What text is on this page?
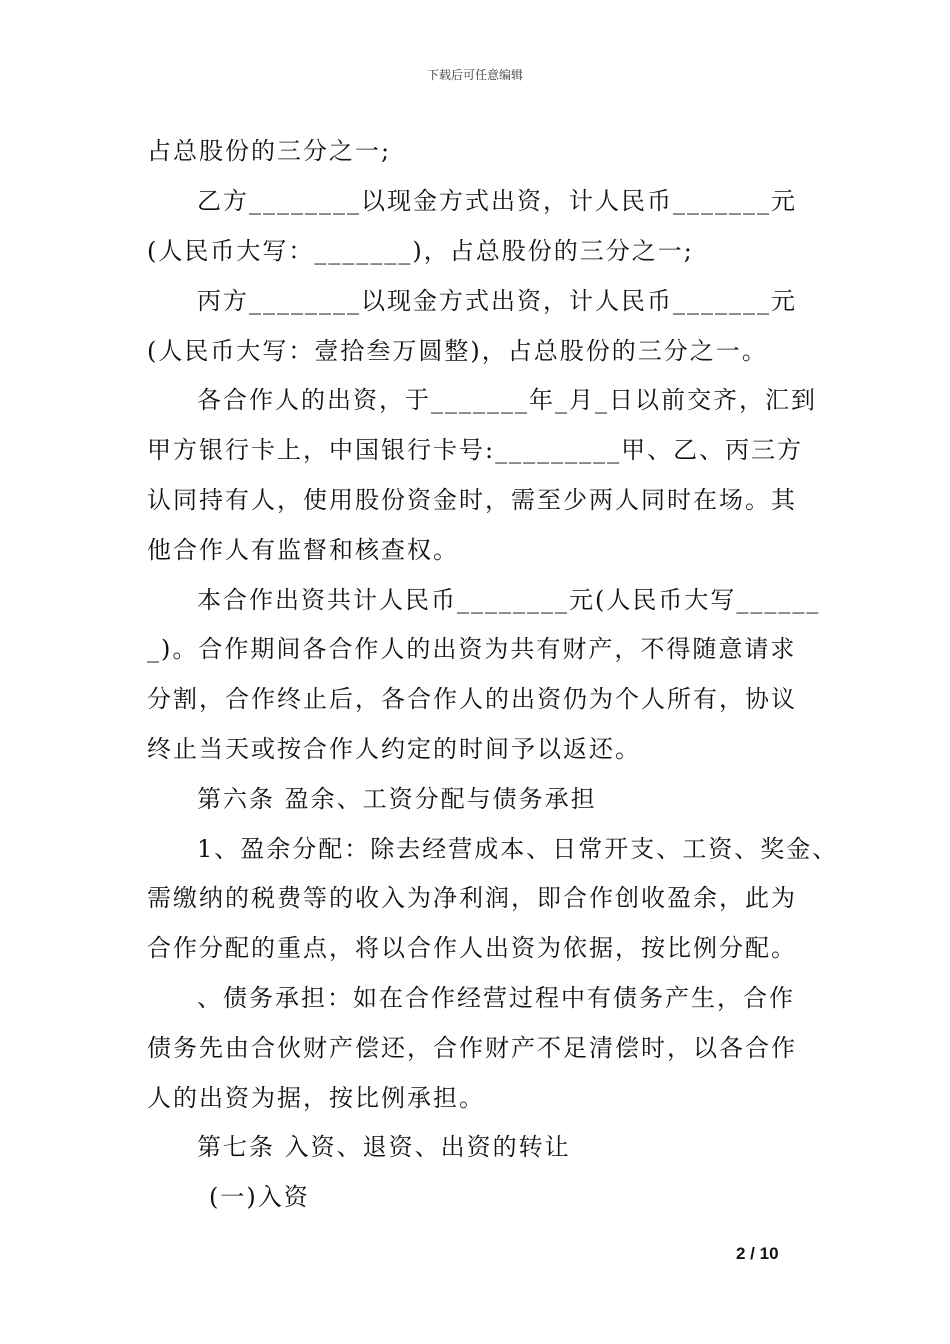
下载后可任意编辑
占总股份的三分之一;
乙方________以现金方式出资，计人民币_______元
(人民币大写：_______)，占总股份的三分之一;
丙方________以现金方式出资，计人民币_______元
(人民币大写：壹拾叁万圆整)，占总股份的三分之一。
各合作人的出资，于_______年_月_日以前交齐，汇到
甲方银行卡上，中国银行卡号:_________甲、乙、丙三方
认同持有人，使用股份资金时，需至少两人同时在场。其
他合作人有监督和核查权。
本合作出资共计人民币________元(人民币大写______
_)。合作期间各合作人的出资为共有财产，不得随意请求
分割，合作终止后，各合作人的出资仍为个人所有，协议
终止当天或按合作人约定的时间予以返还。
第六条 盈余、工资分配与债务承担
1、盈余分配：除去经营成本、日常开支、工资、奖金、
需缴纳的税费等的收入为净利润，即合作创收盈余，此为
合作分配的重点，将以合作人出资为依据，按比例分配。
、债务承担：如在合作经营过程中有债务产生，合作
债务先由合伙财产偿还，合作财产不足清偿时，以各合作
人的出资为据，按比例承担。
第七条 入资、退资、出资的转让
(一)入资
2 / 10
